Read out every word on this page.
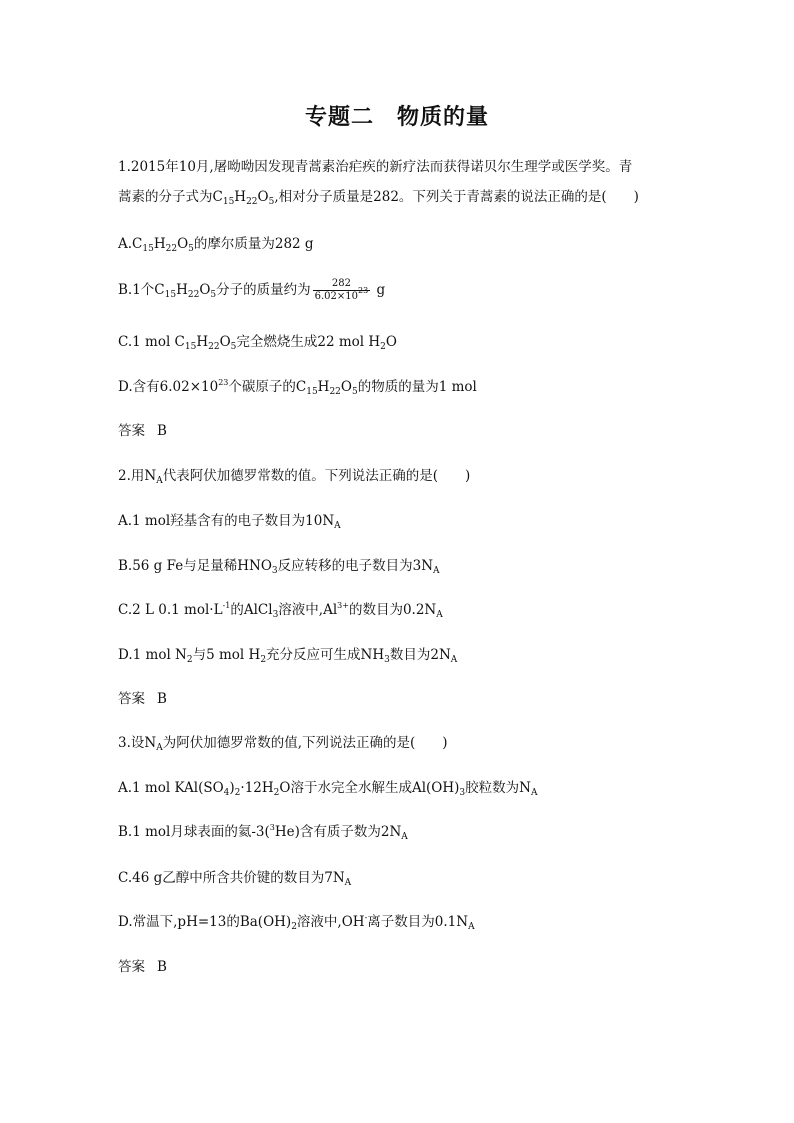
专题二　物质的量
1.2015年10月,屠呦呦因发现青蒿素治疟疾的新疗法而获得诺贝尔生理学或医学奖。青
蒿素的分子式为$C_{15}H_{22}O_5$,相对分子质量是282。下列关于青蒿素的说法正确的是(　　)
$A.C_{15}H_{22}O_5$的摩尔质量为282 g
B.1个$C_{15}H_{22}O_5$分子的质量约为 $\frac{282}{6.02\times 10^{23}}$ g
C.1 mol $C_{15}H_{22}O_5$完全燃烧生成22 mol $H_2O$
D.含有$6.02\times 10^{23}$个碳原子的$C_{15}H_{22}O_5$的物质的量为1 mol
答案 B
2.用$N_A$代表阿伏加德罗常数的值。下列说法正确的是(　　)
A.1 mol羟基含有的电子数目为$10N_A$
B.56 g Fe与足量稀$HNO_3$反应转移的电子数目为$3N_A$
C.2 L 0.1 $mol\cdot L^{-1}$的AlCl$_3$溶液中$,Al^{3+}$的数目为$0.2N_A$
D.1 mol $N_2$与5 mol $H_2$充分反应可生成$NH_3$数目为$2N_A$
答案 B
3.设$N_A$为阿伏加德罗常数的值,下列说法正确的是(　　)
A.1 mol $KAl(SO_4)_2\cdot 12H_2O$溶于水完全水解生成$Al(OH)_3$胶粒数为$N_A$
B.1 mol月球表面的氦-3($^3$He)含有质子数为$2N_A$
C.46 g乙醇中所含共价键的数目为$7N_A$
D.常温下,pH=13的$Ba(OH)_2$溶液中,OH-离子数目为$0.1N_A$
答案 B
